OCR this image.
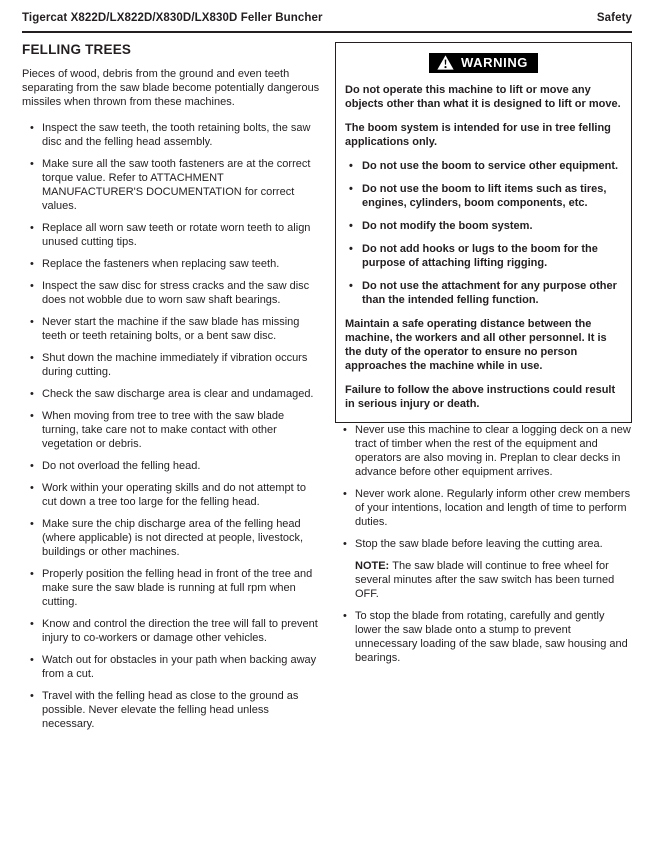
Tigercat X822D/LX822D/X830D/LX830D Feller Buncher	Safety
FELLING TREES

Pieces of wood, debris from the ground and even teeth separating from the saw blade become potentially dangerous missiles when thrown from these machines.

• Inspect the saw teeth, the tooth retaining bolts, the saw disc and the felling head assembly.
• Make sure all the saw tooth fasteners are at the correct torque value. Refer to ATTACHMENT MANUFACTURER'S DOCUMENTATION for correct values.
• Replace all worn saw teeth or rotate worn teeth to align unused cutting tips.
• Replace the fasteners when replacing saw teeth.
• Inspect the saw disc for stress cracks and the saw disc does not wobble due to worn saw shaft bearings.
• Never start the machine if the saw blade has missing teeth or teeth retaining bolts, or a bent saw disc.
• Shut down the machine immediately if vibration occurs during cutting.
• Check the saw discharge area is clear and undamaged.
• When moving from tree to tree with the saw blade turning, take care not to make contact with other vegetation or debris.
• Do not overload the felling head.
• Work within your operating skills and do not attempt to cut down a tree too large for the felling head.
• Make sure the chip discharge area of the felling head (where applicable) is not directed at people, livestock, buildings or other machines.
• Properly position the felling head in front of the tree and make sure the saw blade is running at full rpm when cutting.
• Know and control the direction the tree will fall to prevent injury to co-workers or damage other vehicles.
• Watch out for obstacles in your path when backing away from a cut.
• Travel with the felling head as close to the ground as possible. Never elevate the felling head unless necessary.
WARNING

Do not operate this machine to lift or move any objects other than what it is designed to lift or move.

The boom system is intended for use in tree felling applications only.

• Do not use the boom to service other equipment.
• Do not use the boom to lift items such as tires, engines, cylinders, boom components, etc.
• Do not modify the boom system.
• Do not add hooks or lugs to the boom for the purpose of attaching lifting rigging.
• Do not use the attachment for any purpose other than the intended felling function.

Maintain a safe operating distance between the machine, the workers and all other personnel. It is the duty of the operator to ensure no person approaches the machine while in use.

Failure to follow the above instructions could result in serious injury or death.

• Never use this machine to clear a logging deck on a new tract of timber when the rest of the equipment and operators are also moving in. Preplan to clear decks in advance before other equipment arrives.
• Never work alone. Regularly inform other crew members of your intentions, location and length of time to perform duties.
• Stop the saw blade before leaving the cutting area.

NOTE: The saw blade will continue to free wheel for several minutes after the saw switch has been turned OFF.

• To stop the blade from rotating, carefully and gently lower the saw blade onto a stump to prevent unnecessary loading of the saw blade, saw housing and bearings.
